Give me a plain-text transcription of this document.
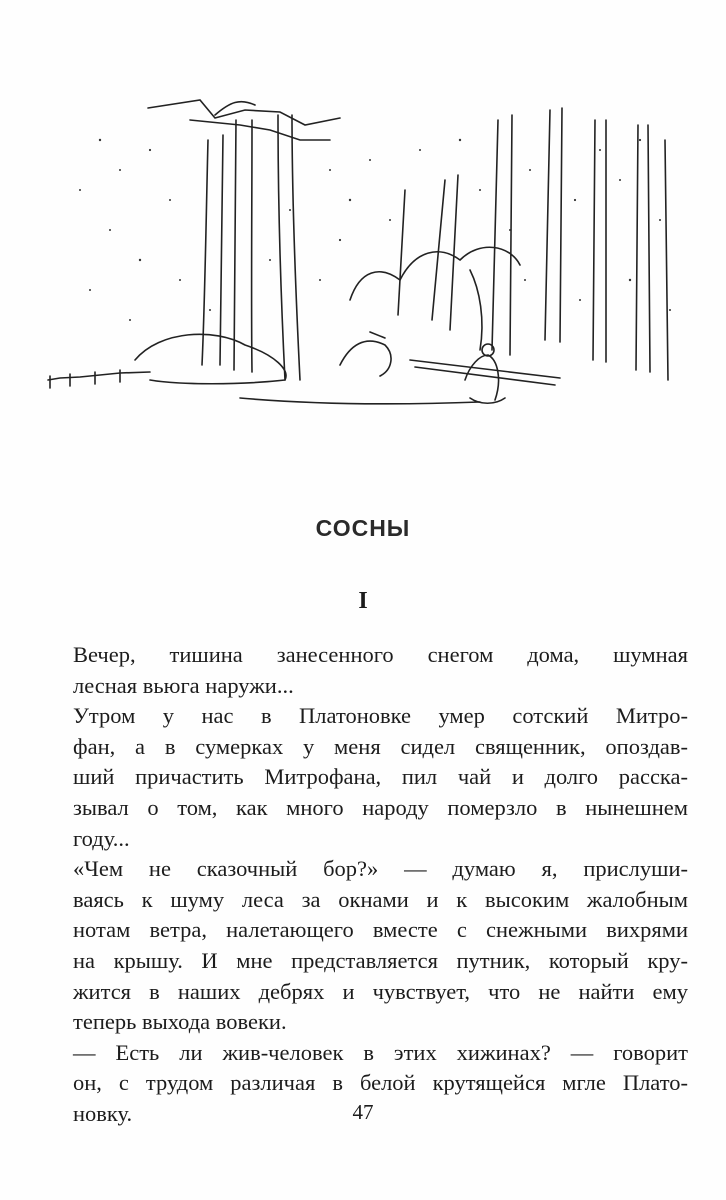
СОСНЫ
I

Вечер, тишина занесенного снегом дома, шумная

лесная вьюга наружи...

Утром у нас в Платоновке умер сотский Митро-

фан, а в сумерках у меня сидел священник, опоздав-

ший причастить Митрофана, пил чай и долго расска-

зывал о том, как много народу померзло в нынешнем

году...

«Чем не сказочный бор?» — думаю я, прислуши-

ваясь к шуму леса за окнами и к высоким жалобным

нотам ветра, налетающего вместе с снежными вихрями

на крышу. И мне представляется путник, который кру-

жится в наших дебрях и чувствует, что не найти ему

теперь выхода вовеки.

— Есть ли жив-человек в этих хижинах? — говорит

он, с трудом различая в белой крутящейся мгле Плато-

новку.	47
